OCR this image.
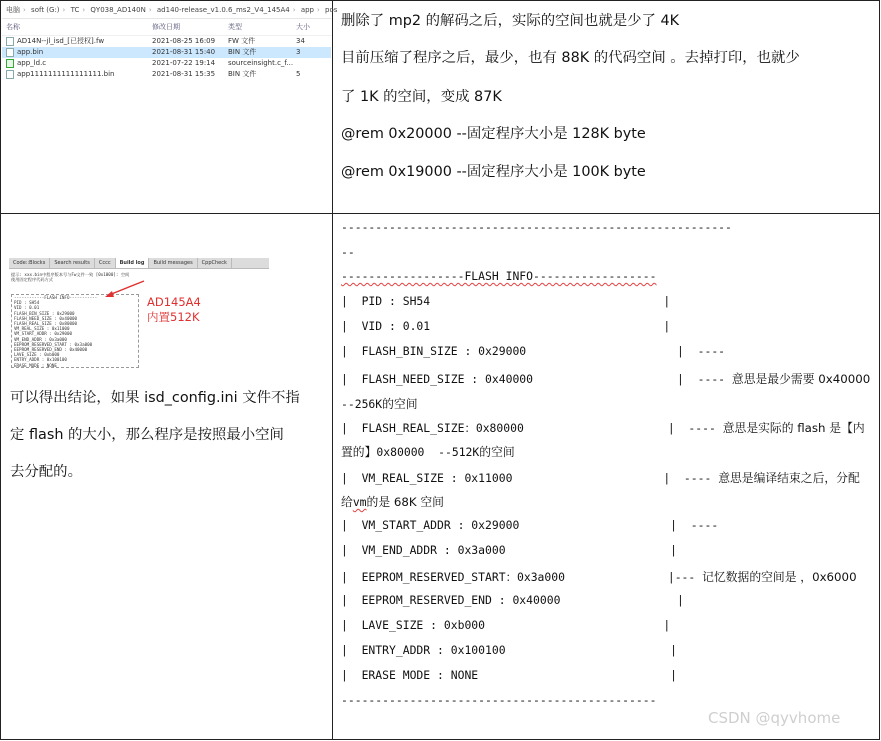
电脑 › soft (G:) › TC › QY038_AD140N › ad140-release_v1.0.6_ms2_V4_145A4 › app › pos
名称	修改日期	类型	大小
AD14N--jl_isd_[已授权].fw	2021-08-25 16:09	FW 文件	34
app.bin	2021-08-31 15:40	BIN 文件	3
app_ld.c	2021-07-22 19:14	sourceinsight.c_f...
app1111111111111111.bin	2021-08-31 15:35	BIN 文件	5
删除了 mp2 的解码之后，实际的空间也就是少了 4K
目前压缩了程序之后，最少，也有 88K 的代码空间 。去掉打印，也就少
了 1K 的空间，变成 87K
@rem 0x20000 --固定程序大小是 128K byte
@rem 0x19000 --固定程序大小是 100K byte
Code::Blocks	Search results	Cccc	Build log	Build messages	CppCheck
提示: xxx.bin中程序版本号与Fw文件一致 [0x1000]: 空间
使用固定程序代码方式
------------FLASH INFO-----------
PID : SH54
VID : 0.01
FLASH_BIN_SIZE : 0x29000
FLASH_NEED_SIZE : 0x40000
FLASH_REAL_SIZE : 0x80000
VM_REAL_SIZE : 0x11000
VM_START_ADDR : 0x29000
VM_END_ADDR : 0x3a000
EEPROM_RESERVED_START : 0x3a000
EEPROM_RESERVED_END : 0x40000
LAVE_SIZE : 0xb000
ENTRY_ADDR : 0x100100
ERASE MODE : NONE
AD145A4
内置512K
可以得出结论，如果 isd_config.ini 文件不指
定 flash 的大小，那么程序是按照最小空间
去分配的。
---------------------------------------------------------
--
------------------FLASH INFO------------------
|  PID : SH54                                  |
|  VID : 0.01                                  |
|  FLASH_BIN_SIZE : 0x29000                      |  ----
|  FLASH_NEED_SIZE : 0x40000                     |  ---- 意思是最少需要 0x40000
--256K的空间
|  FLASH_REAL_SIZE：0x80000                     |  ---- 意思是实际的 flash 是【内
置的】0x80000  --512K的空间
|  VM_REAL_SIZE : 0x11000                      |  ---- 意思是编译结束之后，分配
给vm的是 68K 空间
|  VM_START_ADDR : 0x29000                      |  ----
|  VM_END_ADDR : 0x3a000                        |
|  EEPROM_RESERVED_START：0x3a000               |--- 记忆数据的空间是 ，0x6000
|  EEPROM_RESERVED_END : 0x40000                 |
|  LAVE_SIZE : 0xb000                          |
|  ENTRY_ADDR : 0x100100                        |
|  ERASE MODE : NONE                            |
----------------------------------------------
CSDN @qyvhome
